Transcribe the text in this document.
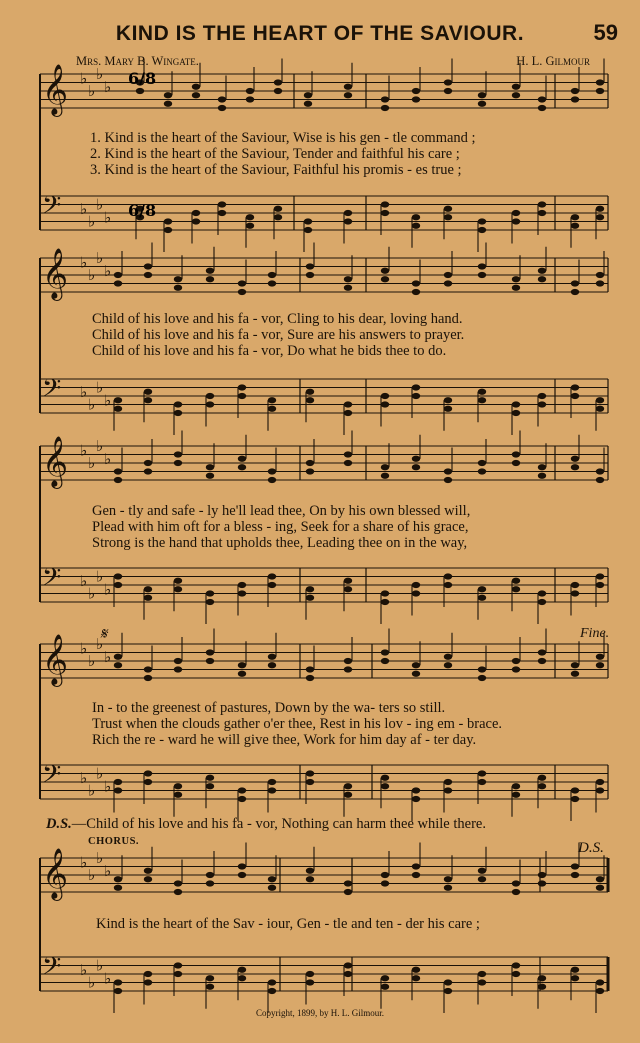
KIND IS THE HEART OF THE SAVIOUR.	59
Mrs. Mary B. Wingate.	H. L. Gilmour
𝄞 ♭
♭
♭
♭
𝄢 ♭
♭
♭
♭
𝄞 ♭
♭
♭
♭
𝄢 ♭
♭
♭
♭
𝄞 ♭
♭
♭
♭
𝄢 ♭
♭
♭
♭
𝄞 ♭
♭
♭
♭
𝄢 ♭
♭
♭
♭
𝄞 ♭
♭
♭
♭
𝄢 ♭
♭
♭
♭
6/8
6/8
1. Kind is the heart of the Saviour, Wise is his gen - tle command ;
2. Kind is the heart of the Saviour, Tender and faithful his care ;
3. Kind is the heart of the Saviour, Faithful his promis - es true ;
Child of his love and his fa - vor, Cling to his dear, loving hand.
Child of his love and his fa - vor, Sure are his answers to prayer.
Child of his love and his fa - vor, Do what he bids thee to do.
Gen - tly and safe - ly he'll lead thee, On by his own blessed will,
Plead with him oft for a bless - ing, Seek for a share of his grace,
Strong is the hand that upholds thee, Leading thee on in the way,
𝄋	Fine.
In - to the greenest of pastures, Down by the wa- ters so still.
Trust when the clouds gather o'er thee, Rest in his lov - ing em - brace.
Rich the re - ward he will give thee, Work for him day af - ter day.
D.S.—Child of his love and his fa - vor, Nothing can harm thee while there.
CHORUS.	D.S.
Kind is the heart of the Sav - iour, Gen - tle and ten - der his care ;
Copyright, 1899, by H. L. Gilmour.
